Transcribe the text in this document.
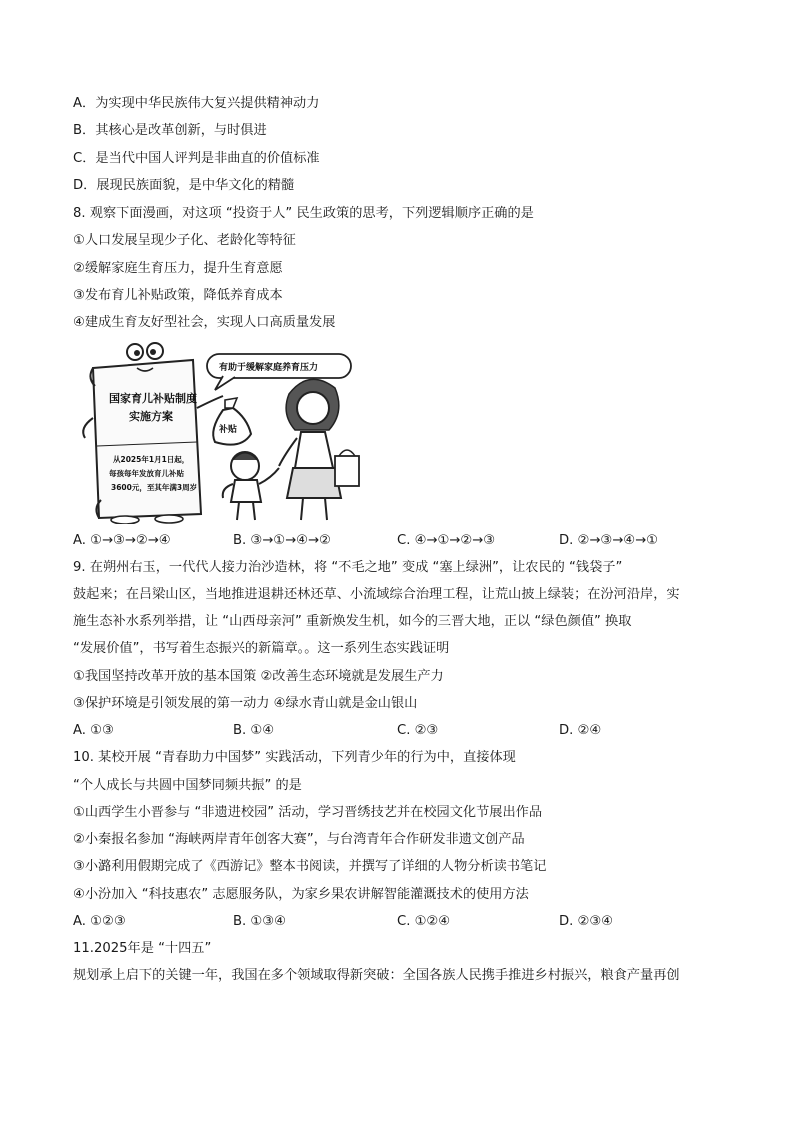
A．为实现中华民族伟大复兴提供精神动力
B．其核心是改革创新，与时俱进
C．是当代中国人评判是非曲直的价值标准
D．展现民族面貌，是中华文化的精髓
8. 观察下面漫画，对这项 “投资于人” 民生政策的思考，下列逻辑顺序正确的是
①人口发展呈现少子化、老龄化等特征
②缓解家庭生育压力，提升生育意愿
③发布育儿补贴政策，降低养育成本
④建成生育友好型社会，实现人口高质量发展
国家育儿补贴制度
实施方案
从2025年1月1日起，
每孩每年发放育儿补贴
3600元，至其年满3周岁
补贴
有助于缓解家庭养育压力
A. ①→③→②→④	B. ③→①→④→②	C. ④→①→②→③	D. ②→③→④→①
9. 在朔州右玉，一代代人接力治沙造林，将 “不毛之地” 变成 “塞上绿洲”，让农民的 “钱袋子”
鼓起来；在吕梁山区，当地推进退耕还林还草、小流域综合治理工程，让荒山披上绿装；在汾河沿岸，实
施生态补水系列举措，让 “山西母亲河” 重新焕发生机，如今的三晋大地，正以 “绿色颜值” 换取
“发展价值”，书写着生态振兴的新篇章。。这一系列生态实践证明
①我国坚持改革开放的基本国策 ②改善生态环境就是发展生产力
③保护环境是引领发展的第一动力 ④绿水青山就是金山银山
A. ①③	B. ①④	C. ②③	D. ②④
10. 某校开展 “青春助力中国梦” 实践活动，下列青少年的行为中，直接体现
“个人成长与共圆中国梦同频共振” 的是
①山西学生小晋参与 “非遗进校园” 活动，学习晋绣技艺并在校园文化节展出作品
②小秦报名参加 “海峡两岸青年创客大赛”，与台湾青年合作研发非遗文创产品
③小潞利用假期完成了《西游记》整本书阅读，并撰写了详细的人物分析读书笔记
④小汾加入 “科技惠农” 志愿服务队，为家乡果农讲解智能灌溉技术的使用方法
A. ①②③	B. ①③④	C. ①②④	D. ②③④
11.2025年是 “十四五”
规划承上启下的关键一年，我国在多个领域取得新突破：全国各族人民携手推进乡村振兴，粮食产量再创
